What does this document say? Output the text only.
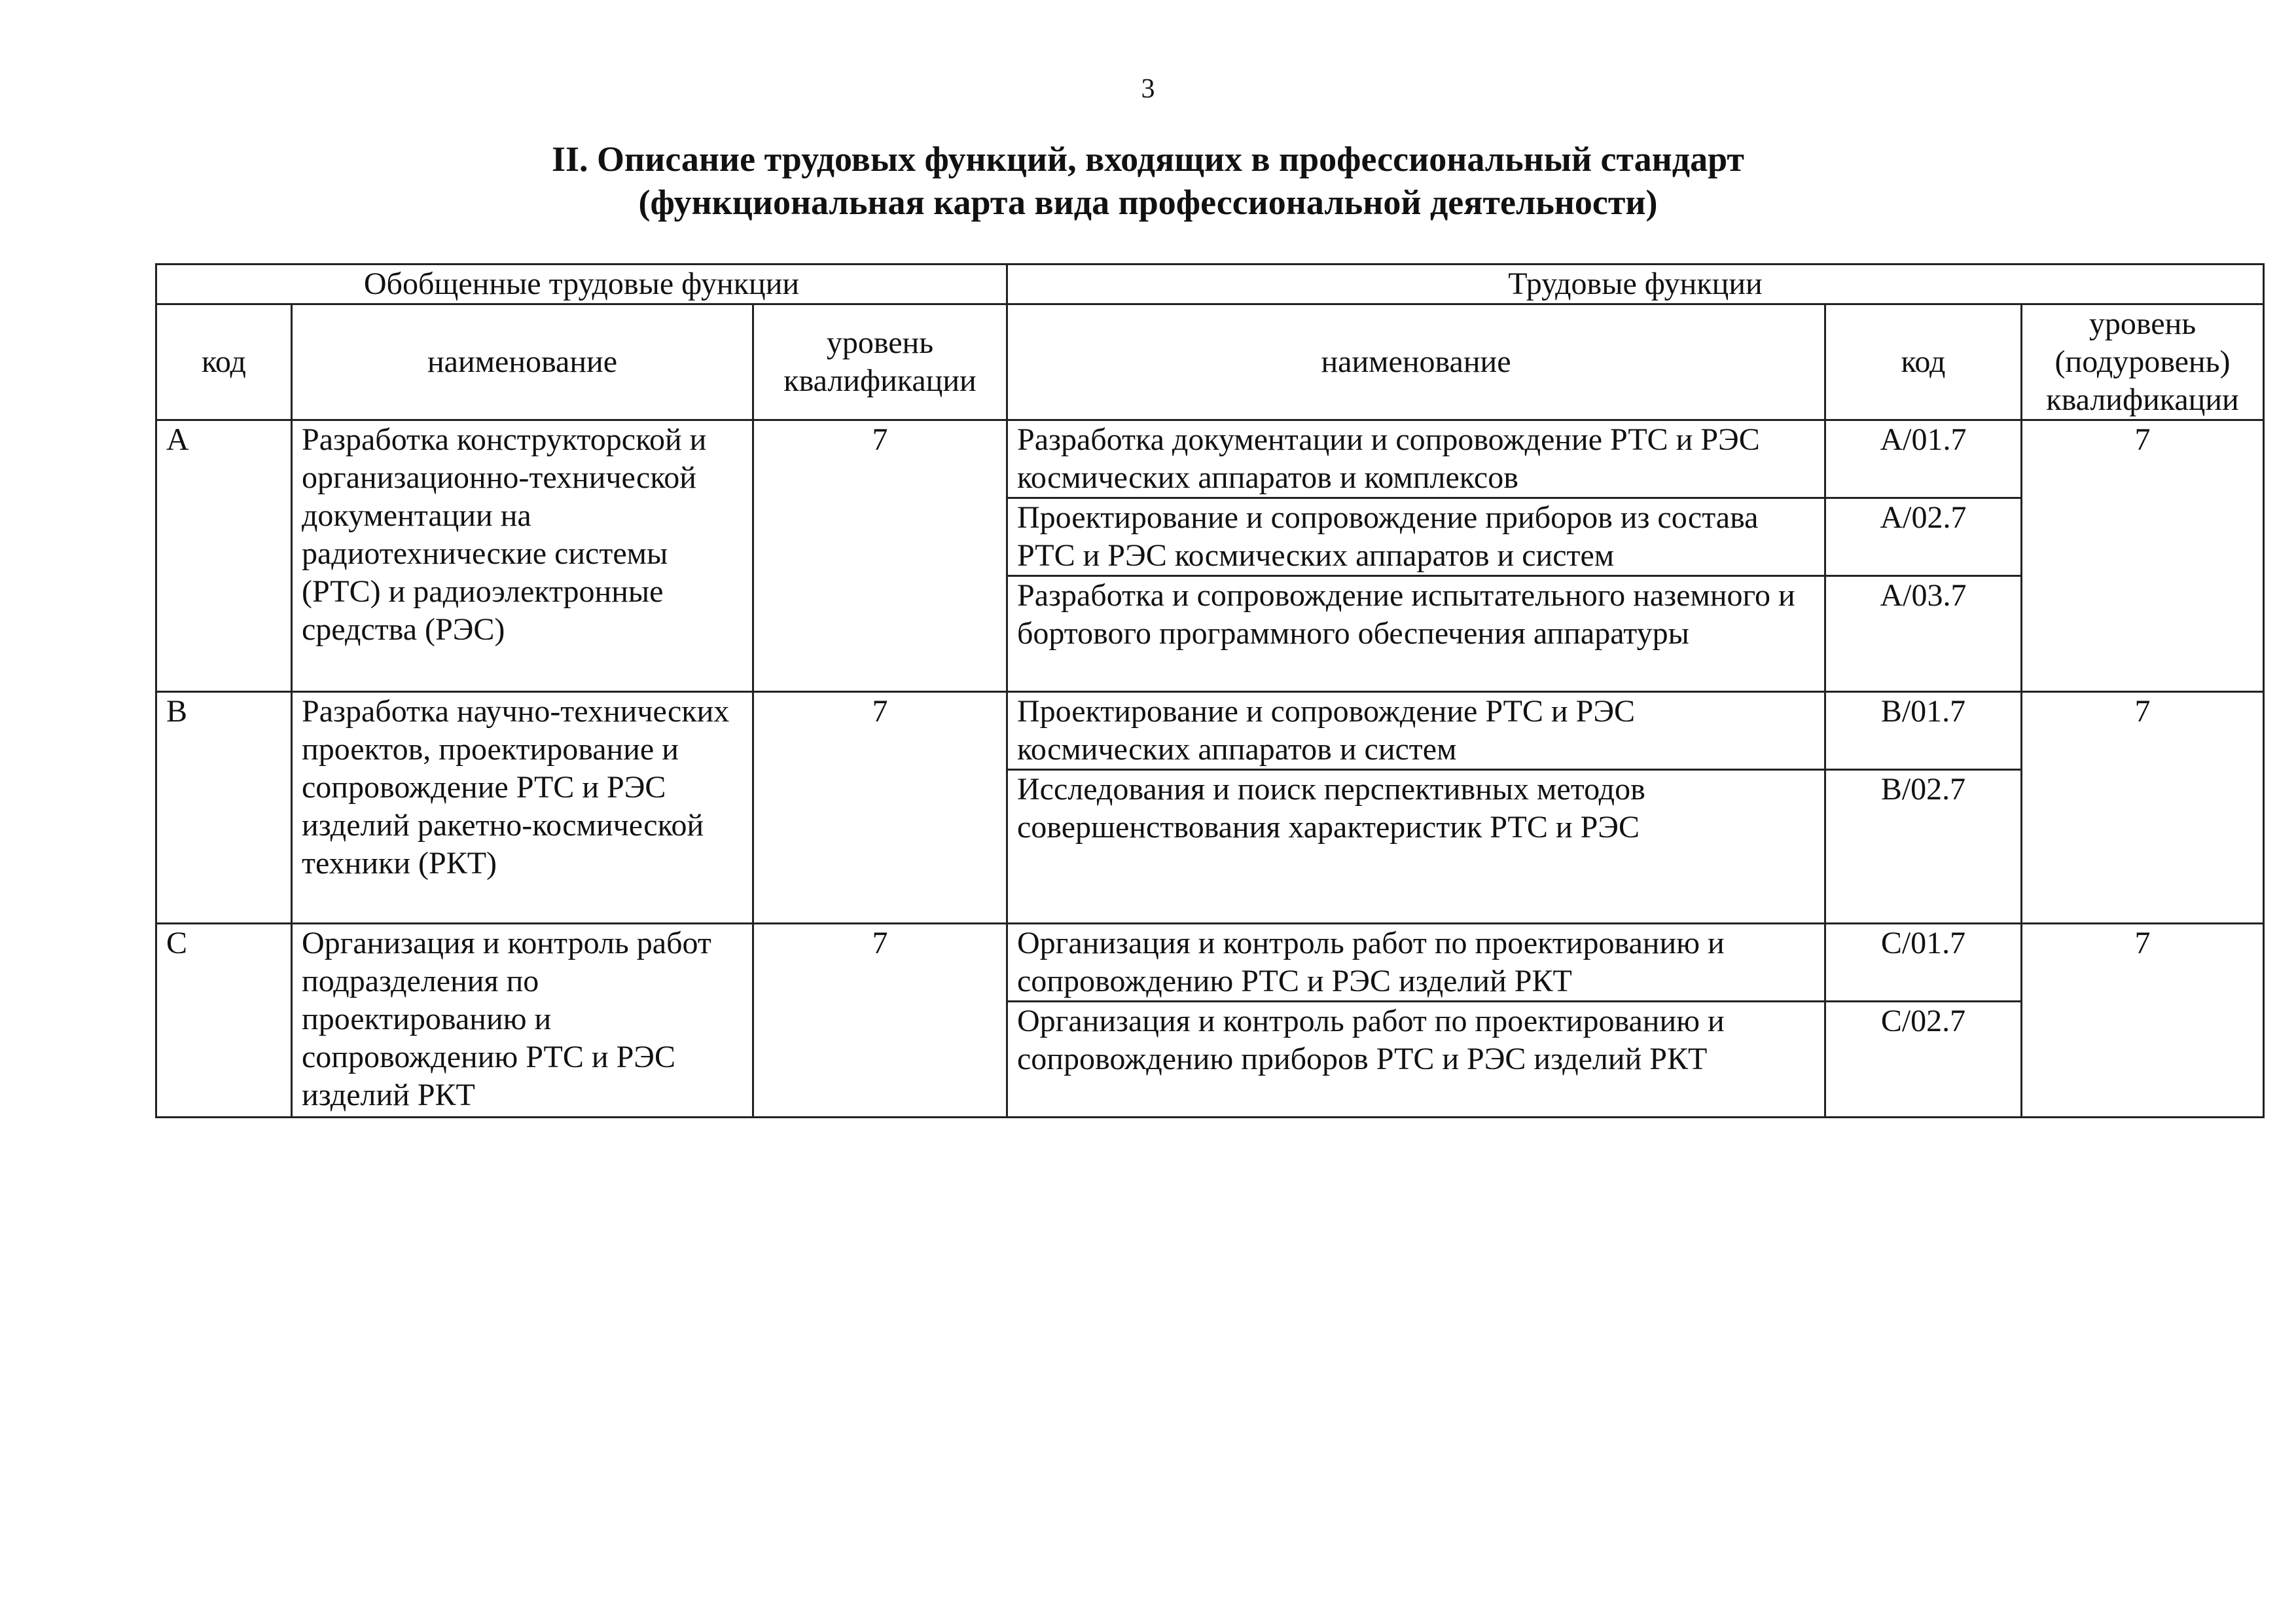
3
II. Описание трудовых функций, входящих в профессиональный стандарт
(функциональная карта вида профессиональной деятельности)
Обобщенные трудовые функции			Трудовые функции		
код	наименование	уровень квалификации	наименование	код	уровень (подуровень) квалификации
A	Разработка конструкторской и организационно-технической документации на радиотехнические системы (РТС) и радиоэлектронные средства (РЭС)	7	Разработка документации и сопровождение РТС и РЭС космических аппаратов и комплексов	A/01.7	7
			Проектирование и сопровождение приборов из состава РТС и РЭС космических аппаратов и систем	A/02.7	
			Разработка и сопровождение испытательного наземного и бортового программного обеспечения аппаратуры	A/03.7	
B	Разработка научно-технических проектов, проектирование и сопровождение РТС и РЭС изделий ракетно-космической техники (РКТ)	7	Проектирование и сопровождение РТС и РЭС космических аппаратов и систем	B/01.7	7
			Исследования и поиск перспективных методов совершенствования характеристик РТС и РЭС	B/02.7	
C	Организация и контроль работ подразделения по проектированию и сопровождению РТС и РЭС изделий РКТ	7	Организация и контроль работ по проектированию и сопровождению РТС и РЭС изделий РКТ	C/01.7	7
			Организация и контроль работ по проектированию и сопровождению приборов РТС и РЭС изделий РКТ	C/02.7	
